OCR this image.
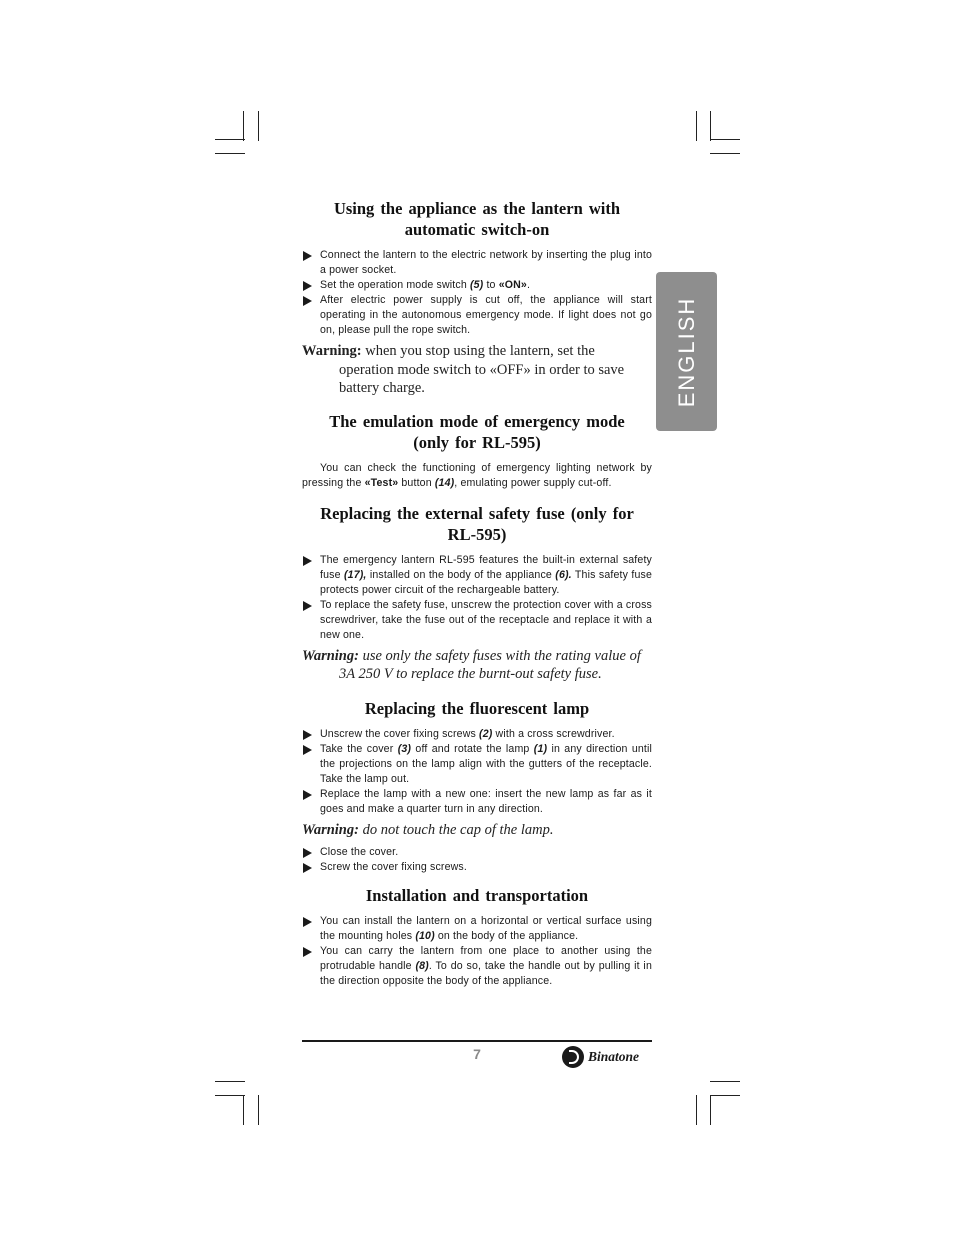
ENGLISH
Using the appliance as the lantern with automatic switch-on
Connect the lantern to the electric network by inserting the plug into a power socket.
Set the operation mode switch (5) to «ON».
After electric power supply is cut off, the appliance will start operating in the autonomous emergency mode. If light does not go on, please pull the rope switch.

Warning: when you stop using the lantern, set the operation mode switch to «OFF» in order to save battery charge.

The emulation mode of emergency mode (only for RL-595)

You can check the functioning of emergency lighting network by pressing the «Test» button (14), emulating power supply cut-off.

Replacing the external safety fuse (only for RL-595)
The emergency lantern RL-595 features the built-in external safety fuse (17), installed on the body of the appliance (6). This safety fuse protects power circuit of the rechargeable battery.
To replace the safety fuse, unscrew the protection cover with a cross screwdriver, take the fuse out of the receptacle and replace it with a new one.

Warning: use only the safety fuses with the rating value of 3A 250 V to replace the burnt-out safety fuse.

Replacing the fluorescent lamp
Unscrew the cover fixing screws (2) with a cross screwdriver.
Take the cover (3) off and rotate the lamp (1) in any direction until the projections on the lamp align with the gutters of the receptacle. Take the lamp out.
Replace the lamp with a new one: insert the new lamp as far as it goes and make a quarter turn in any direction.

Warning: do not touch the cap of the lamp.

Close the cover.
Screw the cover fixing screws.
Installation and transportation
You can install the lantern on a horizontal or vertical surface using the mounting holes (10) on the body of the appliance.
You can carry the lantern from one place to another using the protrudable handle (8). To do so, take the handle out by pulling it in the direction opposite the body of the appliance.
7	Binatone
